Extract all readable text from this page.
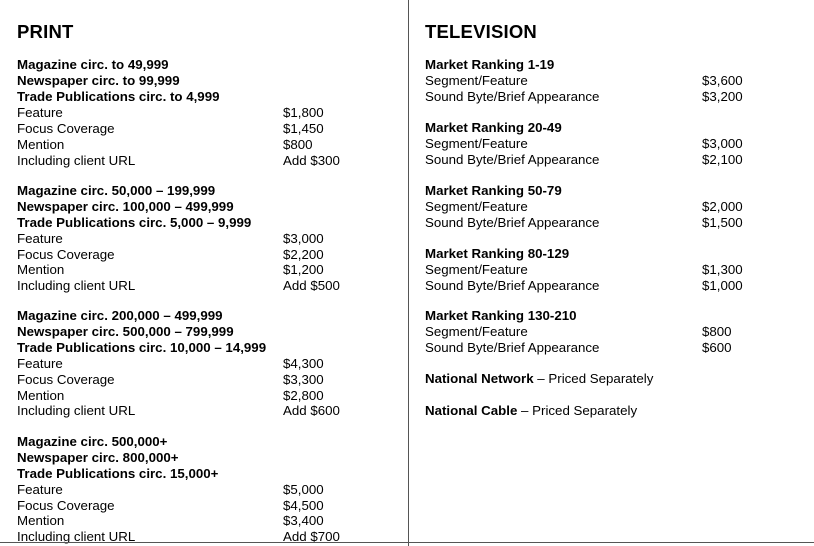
PRINT
Magazine circ. to 49,999
Newspaper circ. to 99,999
Trade Publications circ. to 4,999
Feature	$1,800
Focus Coverage	$1,450
Mention	$800
Including client URL	Add $300
Magazine circ. 50,000 – 199,999
Newspaper circ. 100,000 – 499,999
Trade Publications circ. 5,000 – 9,999
Feature	$3,000
Focus Coverage	$2,200
Mention	$1,200
Including client URL	Add $500
Magazine circ. 200,000 – 499,999
Newspaper circ. 500,000 – 799,999
Trade Publications circ. 10,000 – 14,999
Feature	$4,300
Focus Coverage	$3,300
Mention	$2,800
Including client URL	Add $600
Magazine circ. 500,000+
Newspaper circ. 800,000+
Trade Publications circ. 15,000+
Feature	$5,000
Focus Coverage	$4,500
Mention	$3,400
Including client URL	Add $700
TELEVISION
Market Ranking 1-19
Segment/Feature	$3,600
Sound Byte/Brief Appearance	$3,200
Market Ranking 20-49
Segment/Feature	$3,000
Sound Byte/Brief Appearance	$2,100
Market Ranking 50-79
Segment/Feature	$2,000
Sound Byte/Brief Appearance	$1,500
Market Ranking 80-129
Segment/Feature	$1,300
Sound Byte/Brief Appearance	$1,000
Market Ranking 130-210
Segment/Feature	$800
Sound Byte/Brief Appearance	$600
National Network – Priced Separately
National Cable – Priced Separately
